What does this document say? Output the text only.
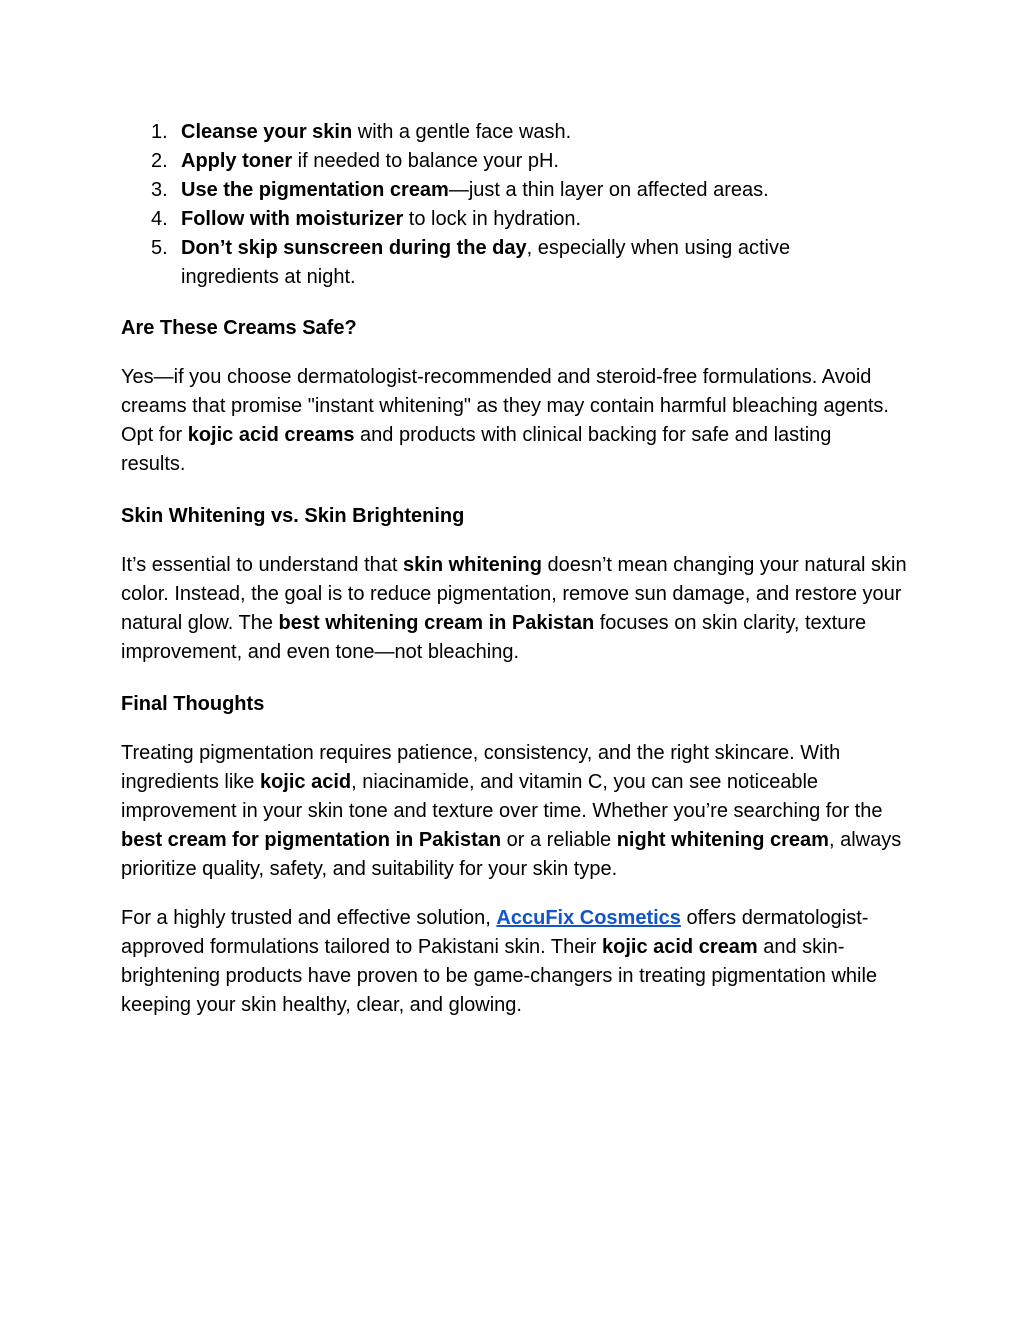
1. Cleanse your skin with a gentle face wash.
2. Apply toner if needed to balance your pH.
3. Use the pigmentation cream—just a thin layer on affected areas.
4. Follow with moisturizer to lock in hydration.
5. Don’t skip sunscreen during the day, especially when using active ingredients at night.
Are These Creams Safe?

Yes—if you choose dermatologist-recommended and steroid-free formulations. Avoid creams that promise "instant whitening" as they may contain harmful bleaching agents. Opt for kojic acid creams and products with clinical backing for safe and lasting results.

Skin Whitening vs. Skin Brightening

It’s essential to understand that skin whitening doesn’t mean changing your natural skin color. Instead, the goal is to reduce pigmentation, remove sun damage, and restore your natural glow. The best whitening cream in Pakistan focuses on skin clarity, texture improvement, and even tone—not bleaching.

Final Thoughts

Treating pigmentation requires patience, consistency, and the right skincare. With ingredients like kojic acid, niacinamide, and vitamin C, you can see noticeable improvement in your skin tone and texture over time. Whether you’re searching for the best cream for pigmentation in Pakistan or a reliable night whitening cream, always prioritize quality, safety, and suitability for your skin type.

For a highly trusted and effective solution, AccuFix Cosmetics offers dermatologist-approved formulations tailored to Pakistani skin. Their kojic acid cream and skin-brightening products have proven to be game-changers in treating pigmentation while keeping your skin healthy, clear, and glowing.
